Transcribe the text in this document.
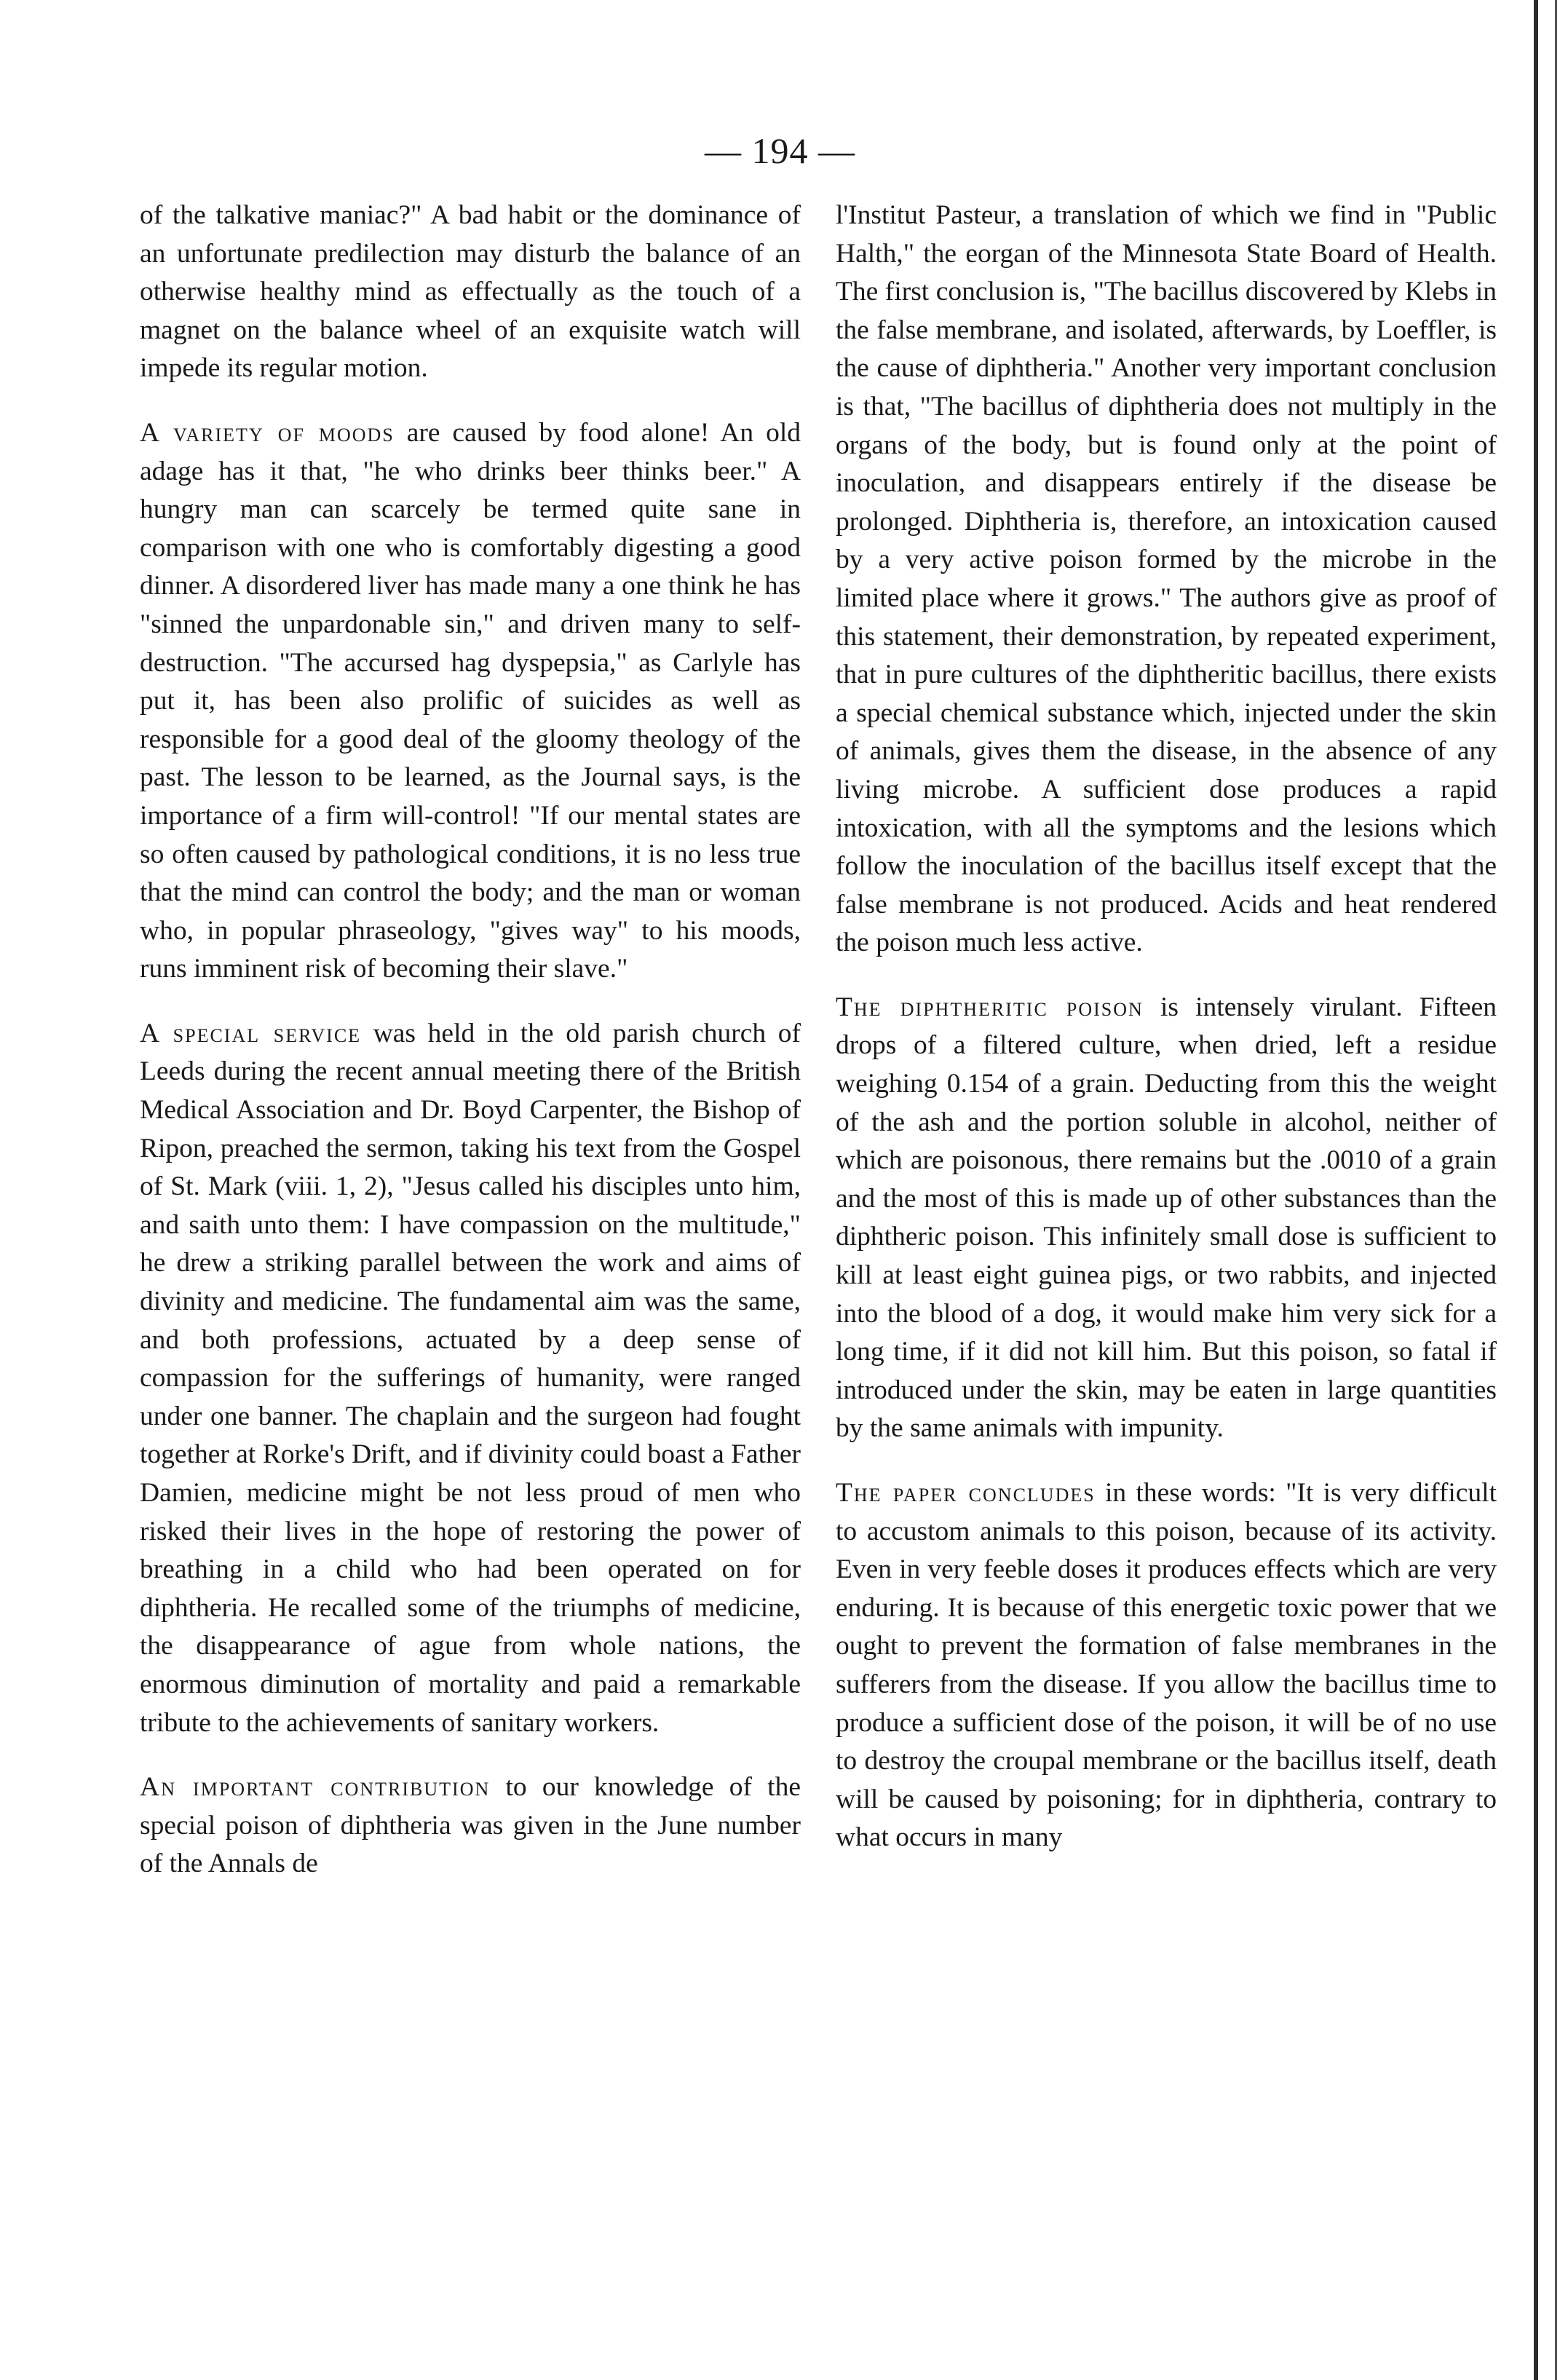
— 194 —

of the talkative maniac?" A bad habit or the dominance of an unfortunate predilection may disturb the balance of an otherwise healthy mind as effectually as the touch of a magnet on the balance wheel of an exquisite watch will impede its regular motion.

A variety of moods are caused by food alone! An old adage has it that, "he who drinks beer thinks beer." A hungry man can scarcely be termed quite sane in comparison with one who is comfortably digesting a good dinner. A disordered liver has made many a one think he has "sinned the unpardonable sin," and driven many to self-destruction. "The accursed hag dyspepsia," as Carlyle has put it, has been also prolific of suicides as well as responsible for a good deal of the gloomy theology of the past. The lesson to be learned, as the Journal says, is the importance of a firm will-control! "If our mental states are so often caused by pathological conditions, it is no less true that the mind can control the body; and the man or woman who, in popular phraseology, "gives way" to his moods, runs imminent risk of becoming their slave."

A special service was held in the old parish church of Leeds during the recent annual meeting there of the British Medical Association and Dr. Boyd Carpenter, the Bishop of Ripon, preached the sermon, taking his text from the Gospel of St. Mark (viii. 1, 2), "Jesus called his disciples unto him, and saith unto them: I have compassion on the multitude," he drew a striking parallel between the work and aims of divinity and medicine. The fundamental aim was the same, and both professions, actuated by a deep sense of compassion for the sufferings of humanity, were ranged under one banner. The chaplain and the surgeon had fought together at Rorke's Drift, and if divinity could boast a Father Damien, medicine might be not less proud of men who risked their lives in the hope of restoring the power of breathing in a child who had been operated on for diphtheria. He recalled some of the triumphs of medicine, the disappearance of ague from whole nations, the enormous diminution of mortality and paid a remarkable tribute to the achievements of sanitary workers.

An important contribution to our knowledge of the special poison of diphtheria was given in the June number of the Annals de

l'Institut Pasteur, a translation of which we find in "Public Halth," the eorgan of the Minnesota State Board of Health. The first conclusion is, "The bacillus discovered by Klebs in the false membrane, and isolated, afterwards, by Loeffler, is the cause of diphtheria." Another very important conclusion is that, "The bacillus of diphtheria does not multiply in the organs of the body, but is found only at the point of inoculation, and disappears entirely if the disease be prolonged. Diphtheria is, therefore, an intoxication caused by a very active poison formed by the microbe in the limited place where it grows." The authors give as proof of this statement, their demonstration, by repeated experiment, that in pure cultures of the diphtheritic bacillus, there exists a special chemical substance which, injected under the skin of animals, gives them the disease, in the absence of any living microbe. A sufficient dose produces a rapid intoxication, with all the symptoms and the lesions which follow the inoculation of the bacillus itself except that the false membrane is not produced. Acids and heat rendered the poison much less active.

The diphtheritic poison is intensely virulant. Fifteen drops of a filtered culture, when dried, left a residue weighing 0.154 of a grain. Deducting from this the weight of the ash and the portion soluble in alcohol, neither of which are poisonous, there remains but the .0010 of a grain and the most of this is made up of other substances than the diphtheric poison. This infinitely small dose is sufficient to kill at least eight guinea pigs, or two rabbits, and injected into the blood of a dog, it would make him very sick for a long time, if it did not kill him. But this poison, so fatal if introduced under the skin, may be eaten in large quantities by the same animals with impunity.

The paper concludes in these words: "It is very difficult to accustom animals to this poison, because of its activity. Even in very feeble doses it produces effects which are very enduring. It is because of this energetic toxic power that we ought to prevent the formation of false membranes in the sufferers from the disease. If you allow the bacillus time to produce a sufficient dose of the poison, it will be of no use to destroy the croupal membrane or the bacillus itself, death will be caused by poisoning; for in diphtheria, contrary to what occurs in many
